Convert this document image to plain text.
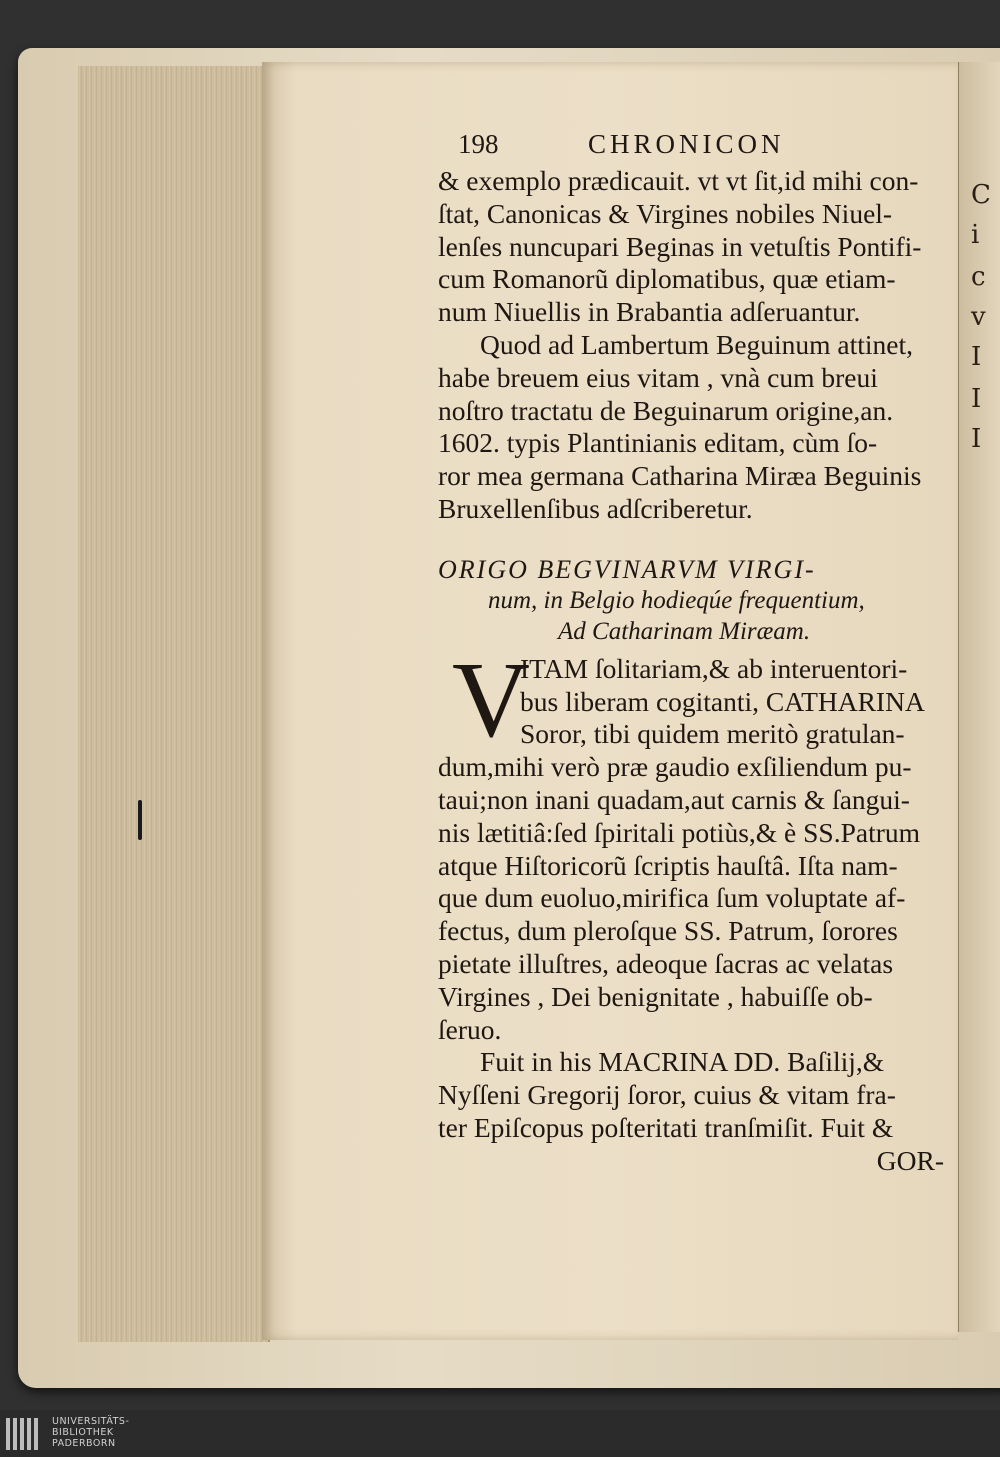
C
i
c
v
I
I
I
198	CHRONICON
& exemplo prædicauit. vt vt ſit,id mihi con-
ſtat, Canonicas & Virgines nobiles Niuel-
lenſes nuncupari Beginas in vetuſtis Pontifi-
cum Romanorũ diplomatibus, quæ etiam-
num Niuellis in Brabantia adſeruantur.
Quod ad Lambertum Beguinum attinet,
habe breuem eius vitam , vnà cum breui
noſtro tractatu de Beguinarum origine,an.
1602. typis Plantinianis editam, cùm ſo-
ror mea germana Catharina Miræa Beguinis
Bruxellenſibus adſcriberetur.
ORIGO BEGVINARVM VIRGI-
num, in Belgio hodieqúe frequentium,
Ad Catharinam Miræam.
V
ITAM ſolitariam,& ab interuentori-
bus liberam cogitanti, CATHARINA
Soror, tibi quidem meritò gratulan-
dum,mihi verò præ gaudio exſiliendum pu-
taui;non inani quadam,aut carnis & ſangui-
nis lætitiâ:ſed ſpiritali potiùs,& è SS.Patrum
atque Hiſtoricorũ ſcriptis hauſtâ. Iſta nam-
que dum euoluo,mirifica ſum voluptate af-
fectus, dum pleroſque SS. Patrum, ſorores
pietate illuſtres, adeoque ſacras ac velatas
Virgines , Dei benignitate , habuiſſe ob-
ſeruo.
Fuit in his MACRINA DD. Baſilij,&
Nyſſeni Gregorij ſoror, cuius & vitam fra-
ter Epiſcopus poſteritati tranſmiſit. Fuit &
GOR-
UNIVERSITÄTS-
BIBLIOTHEK
PADERBORN
